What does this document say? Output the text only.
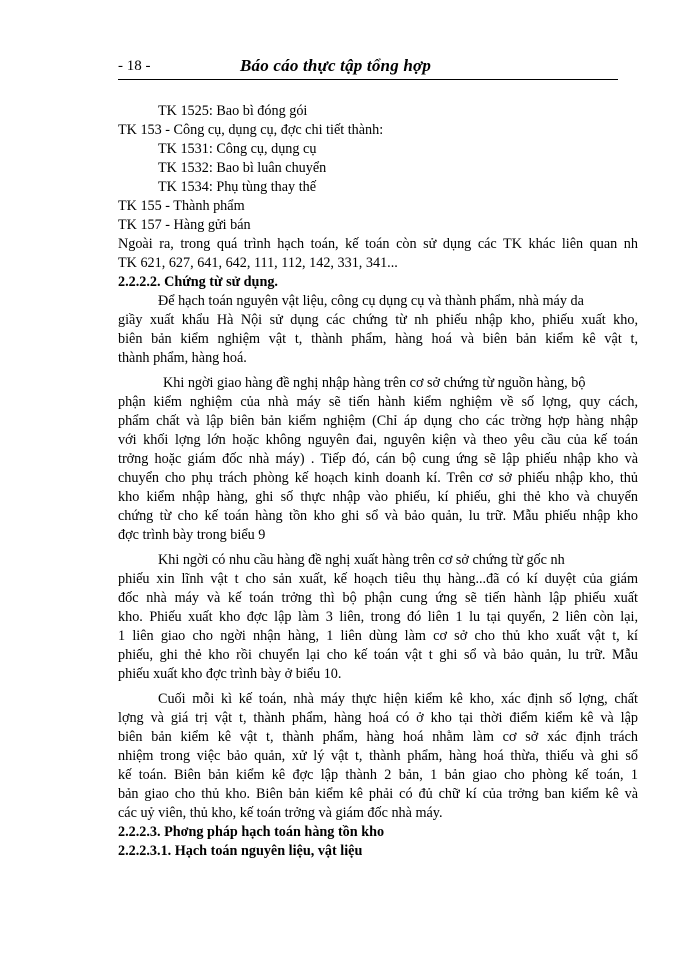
- 18 -	Báo cáo thực tập tổng hợp
TK 1525: Bao bì đóng gói
TK 153 - Công cụ, dụng cụ, đợc chi tiết thành:
TK 1531: Công cụ, dụng cụ
TK 1532: Bao bì luân chuyển
TK 1534: Phụ tùng thay thế
TK 155 - Thành phẩm
TK 157 - Hàng gửi bán
Ngoài ra, trong quá trình hạch toán, kế toán còn sử dụng các TK khác liên quan nh
TK 621, 627, 641, 642, 111, 112, 142, 331, 341...
2.2.2.2. Chứng từ sử dụng.
Để hạch toán nguyên vật liệu, công cụ dụng cụ và thành phẩm, nhà máy da
giầy xuất khẩu Hà Nội sử dụng các chứng từ nh phiếu nhập kho, phiếu xuất kho,
biên bản kiểm nghiệm vật t, thành phẩm, hàng hoá và biên bản kiểm kê vật t,
thành phẩm, hàng hoá.
Khi ngời giao hàng đề nghị nhập hàng trên cơ sở chứng từ nguồn hàng, bộ
phận kiểm nghiệm của nhà máy sẽ tiến hành kiểm nghiệm về số lợng, quy cách,
phẩm chất và lập biên bản kiểm nghiệm (Chỉ áp dụng cho các trờng hợp hàng nhập
với khối lợng lớn hoặc không nguyên đai, nguyên kiện và theo yêu cầu của kế toán
trởng hoặc giám đốc nhà máy) . Tiếp đó, cán bộ cung ứng sẽ lập phiếu nhập kho và
chuyển cho phụ trách phòng kế hoạch kinh doanh kí. Trên cơ sở phiếu nhập kho, thủ
kho kiểm nhập hàng, ghi số thực nhập vào phiếu, kí phiếu, ghi thẻ kho và chuyển
chứng từ cho kế toán hàng tồn kho ghi sổ và bảo quản, lu trữ. Mẫu phiếu nhập kho
đợc trình bày trong biểu 9
Khi ngời có nhu cầu hàng đề nghị xuất hàng trên cơ sở chứng từ gốc nh
phiếu xin lĩnh vật t cho sản xuất, kế hoạch tiêu thụ hàng...đã có kí duyệt của giám
đốc nhà máy và kế toán trởng thì bộ phận cung ứng sẽ tiến hành lập phiếu xuất
kho. Phiếu xuất kho đợc lập làm 3 liên, trong đó liên 1 lu tại quyển, 2 liên còn lại,
1 liên giao cho ngời nhận hàng, 1 liên dùng làm cơ sở cho thủ kho xuất vật t, kí
phiếu, ghi thẻ kho rồi chuyển lại cho kế toán vật t ghi sổ và bảo quản, lu trữ. Mẫu
phiếu xuất kho đợc trình bày ở biểu 10.
Cuối mỗi kì kế toán, nhà máy thực hiện kiểm kê kho, xác định số lợng, chất
lợng và giá trị vật t, thành phẩm, hàng hoá có ở kho tại thời điểm kiểm kê và lập
biên bản kiểm kê vật t, thành phẩm, hàng hoá nhằm làm cơ sở xác định trách
nhiệm trong việc bảo quản, xử lý vật t, thành phẩm, hàng hoá thừa, thiếu và ghi sổ
kế toán. Biên bản kiểm kê đợc lập thành 2 bản, 1 bản giao cho phòng kế toán, 1
bản giao cho thủ kho. Biên bản kiểm kê phải có đủ chữ kí của trởng ban kiểm kê và
các uỷ viên, thủ kho, kế toán trởng và giám đốc nhà máy.
2.2.2.3. Phơng pháp hạch toán hàng tồn kho
2.2.2.3.1. Hạch toán nguyên liệu, vật liệu
